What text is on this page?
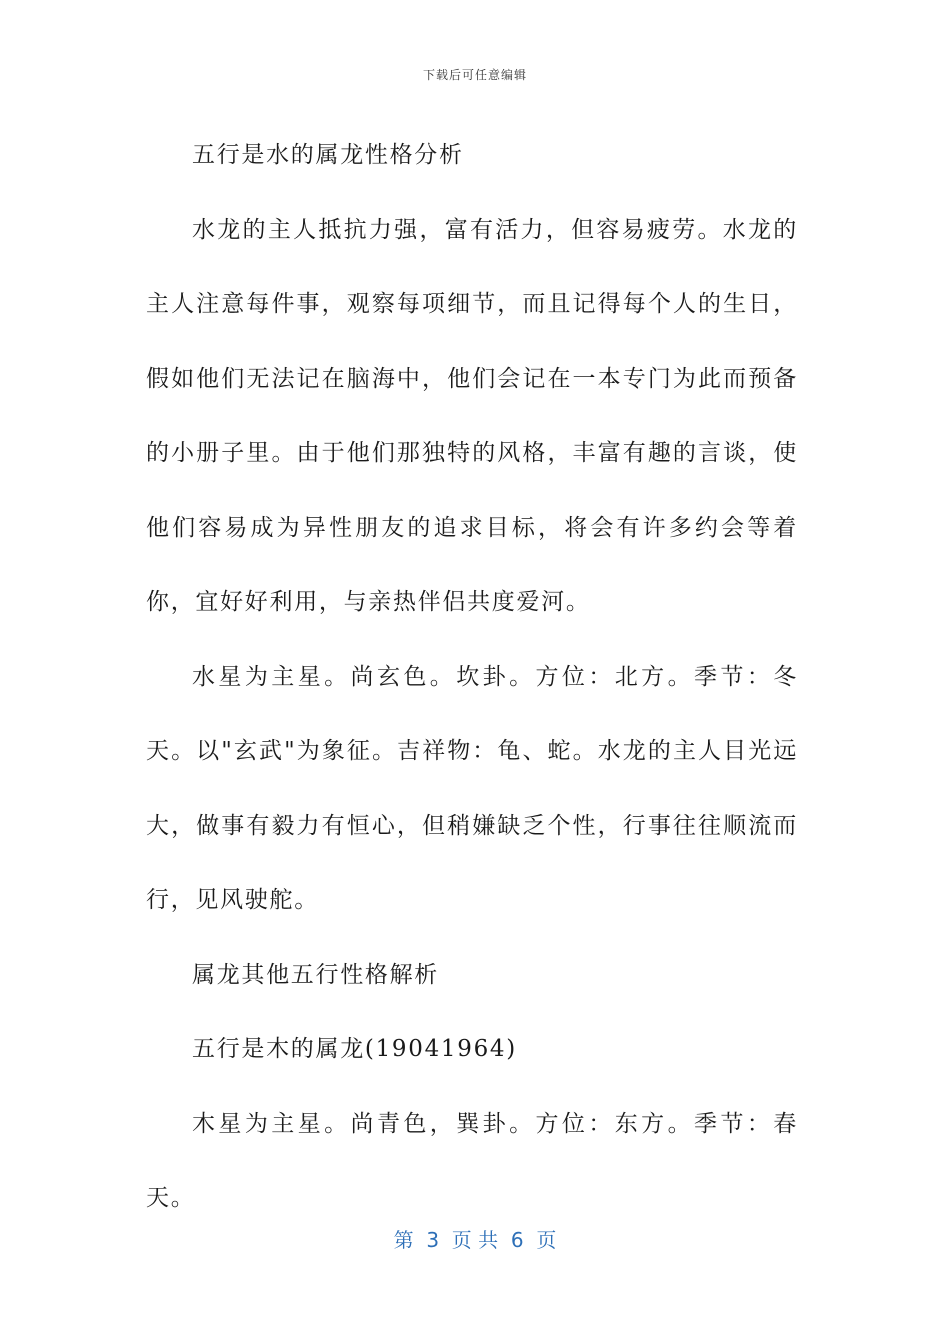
下载后可任意编辑

五行是水的属龙性格分析

水龙的主人抵抗力强，富有活力，但容易疲劳。水龙的主人注意每件事，观察每项细节，而且记得每个人的生日，假如他们无法记在脑海中，他们会记在一本专门为此而预备的小册子里。由于他们那独特的风格，丰富有趣的言谈，使他们容易成为异性朋友的追求目标，将会有许多约会等着你，宜好好利用，与亲热伴侣共度爱河。

水星为主星。尚玄色。坎卦。方位：北方。季节：冬天。以"玄武"为象征。吉祥物：龟、蛇。水龙的主人目光远大，做事有毅力有恒心，但稍嫌缺乏个性，行事往往顺流而行，见风驶舵。

属龙其他五行性格解析

五行是木的属龙(19041964)

木星为主星。尚青色，巽卦。方位：东方。季节：春天。

第  3  页 共  6  页
